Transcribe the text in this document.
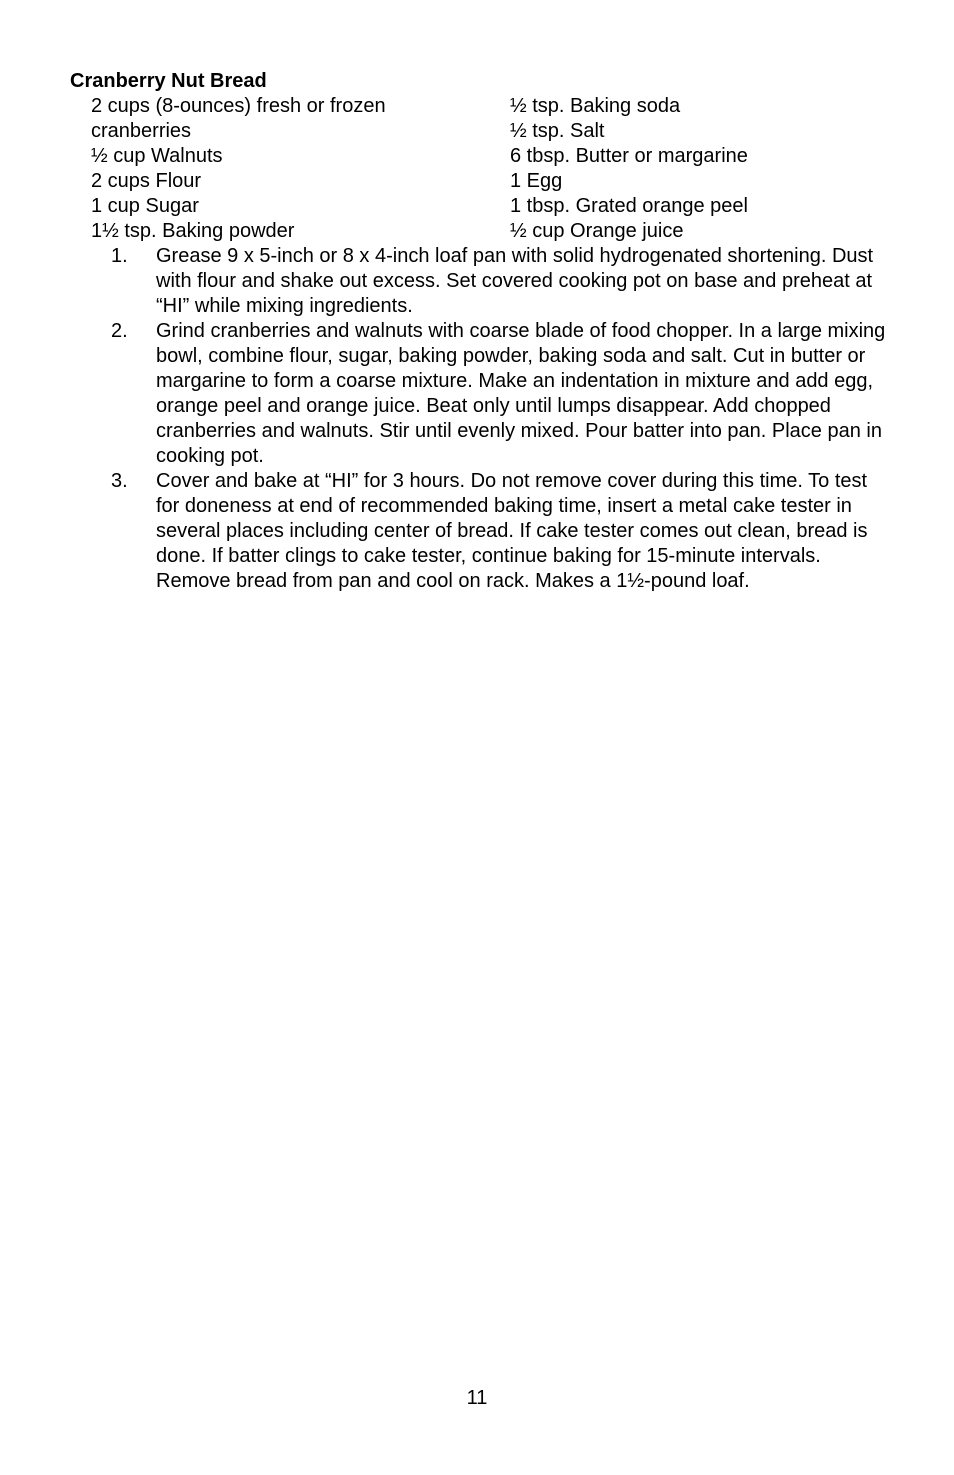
Cranberry Nut Bread
2 cups (8-ounces) fresh or frozen
cranberries
½ cup Walnuts
2 cups Flour
1 cup Sugar
1½ tsp. Baking powder
½ tsp. Baking soda
½ tsp. Salt
6 tbsp. Butter or margarine
1 Egg
1 tbsp. Grated orange peel
½ cup Orange juice
1.	Grease 9 x 5-inch or 8 x 4-inch loaf pan with solid hydrogenated shortening. Dust with flour and shake out excess. Set covered cooking pot on base and preheat at “HI” while mixing ingredients.
2.	Grind cranberries and walnuts with coarse blade of food chopper. In a large mixing bowl, combine flour, sugar, baking powder, baking soda and salt. Cut in butter or margarine to form a coarse mixture. Make an indentation in mixture and add egg, orange peel and orange juice. Beat only until lumps disappear. Add chopped cranberries and walnuts. Stir until evenly mixed. Pour batter into pan. Place pan in cooking pot.
3.	Cover and bake at “HI” for 3 hours. Do not remove cover during this time. To test for doneness at end of recommended baking time, insert a metal cake tester in several places including center of bread. If cake tester comes out clean, bread is done. If batter clings to cake tester, continue baking for 15-minute intervals. Remove bread from pan and cool on rack. Makes a 1½-pound loaf.
11
